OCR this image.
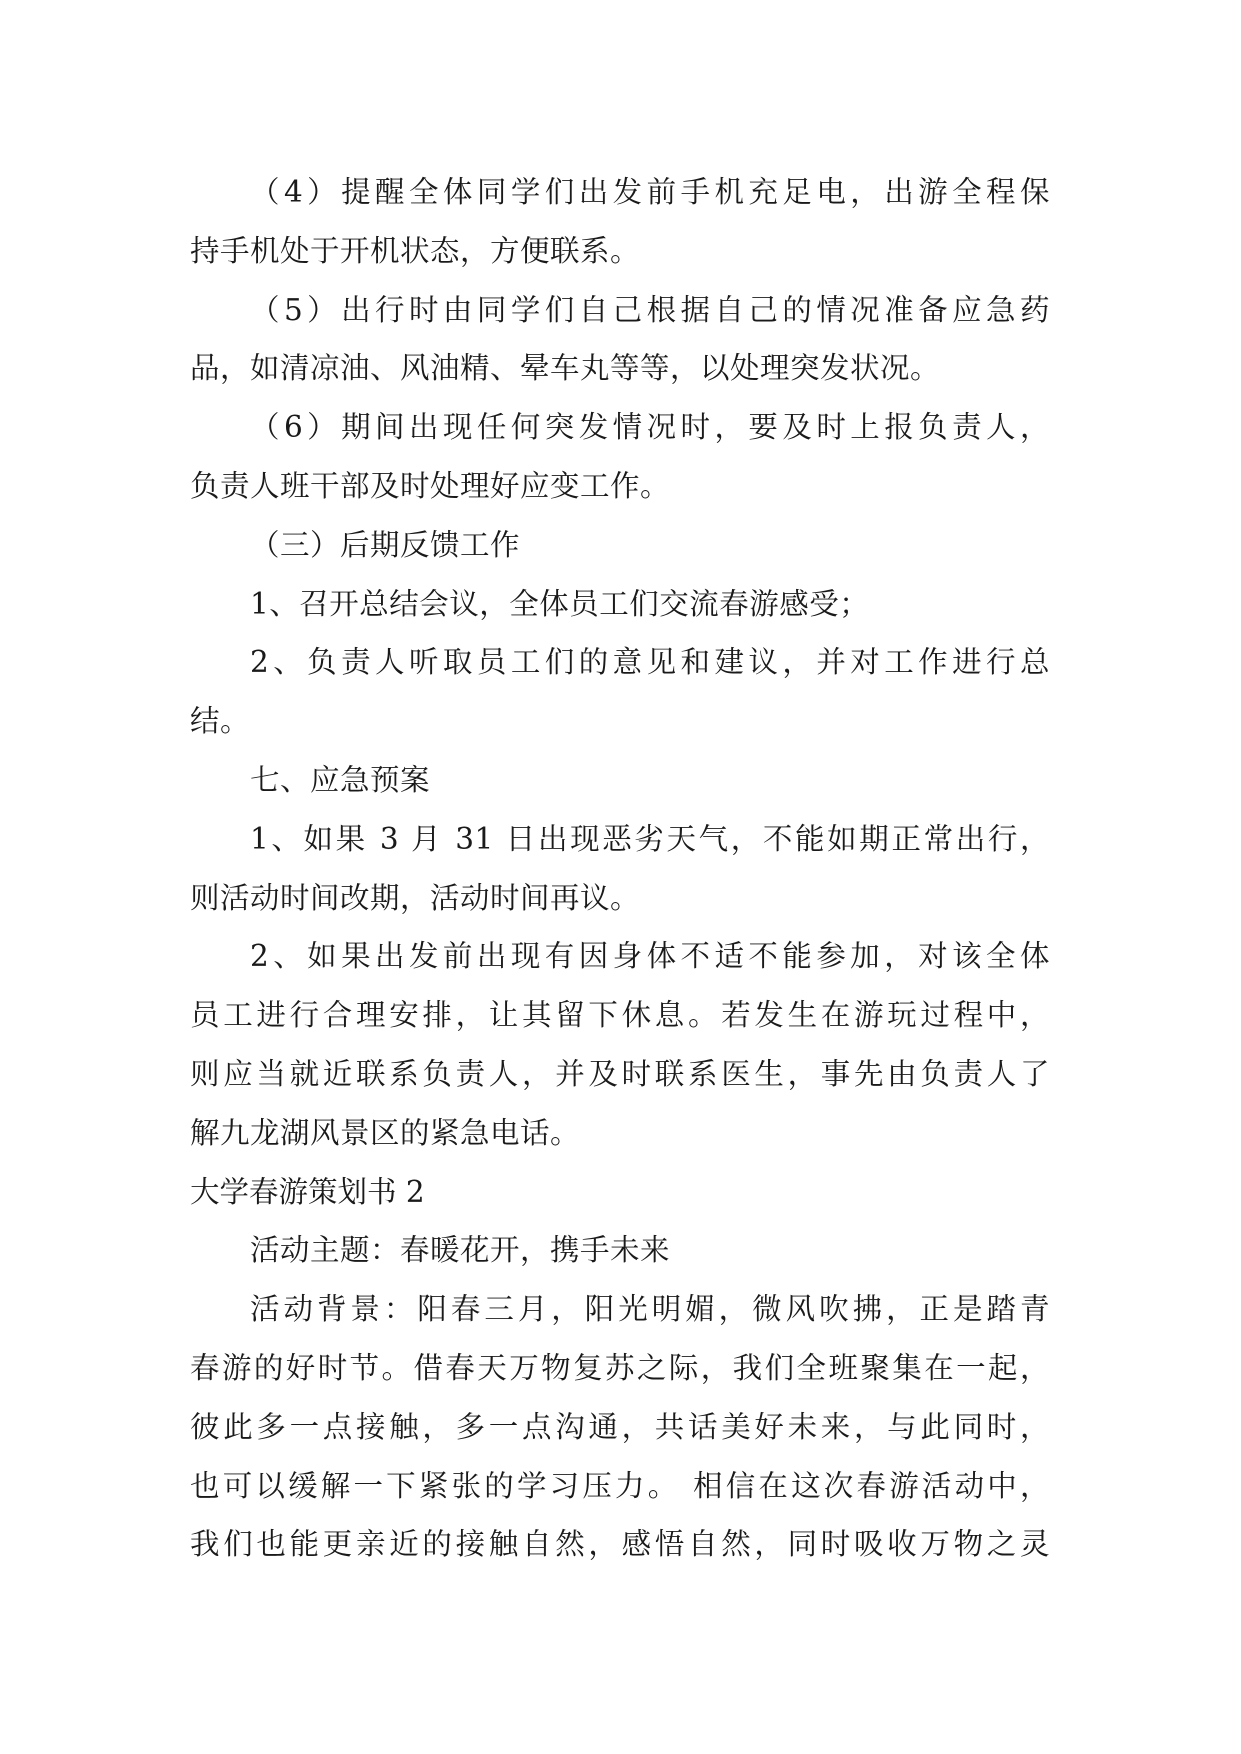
（4）提醒全体同学们出发前手机充足电，出游全程保
持手机处于开机状态，方便联系。
（5）出行时由同学们自己根据自己的情况准备应急药
品，如清凉油、风油精、晕车丸等等，以处理突发状况。
（6）期间出现任何突发情况时，要及时上报负责人，
负责人班干部及时处理好应变工作。
（三）后期反馈工作
1、召开总结会议，全体员工们交流春游感受；
2、负责人听取员工们的意见和建议，并对工作进行总
结。
七、应急预案
1、如果 3 月 31 日出现恶劣天气，不能如期正常出行，
则活动时间改期，活动时间再议。
2、如果出发前出现有因身体不适不能参加，对该全体
员工进行合理安排，让其留下休息。若发生在游玩过程中，
则应当就近联系负责人，并及时联系医生，事先由负责人了
解九龙湖风景区的紧急电话。
大学春游策划书 2
活动主题：春暖花开，携手未来
活动背景：阳春三月，阳光明媚，微风吹拂，正是踏青
春游的好时节。借春天万物复苏之际，我们全班聚集在一起，
彼此多一点接触，多一点沟通，共话美好未来，与此同时，
也可以缓解一下紧张的学习压力。 相信在这次春游活动中，
我们也能更亲近的接触自然，感悟自然，同时吸收万物之灵
